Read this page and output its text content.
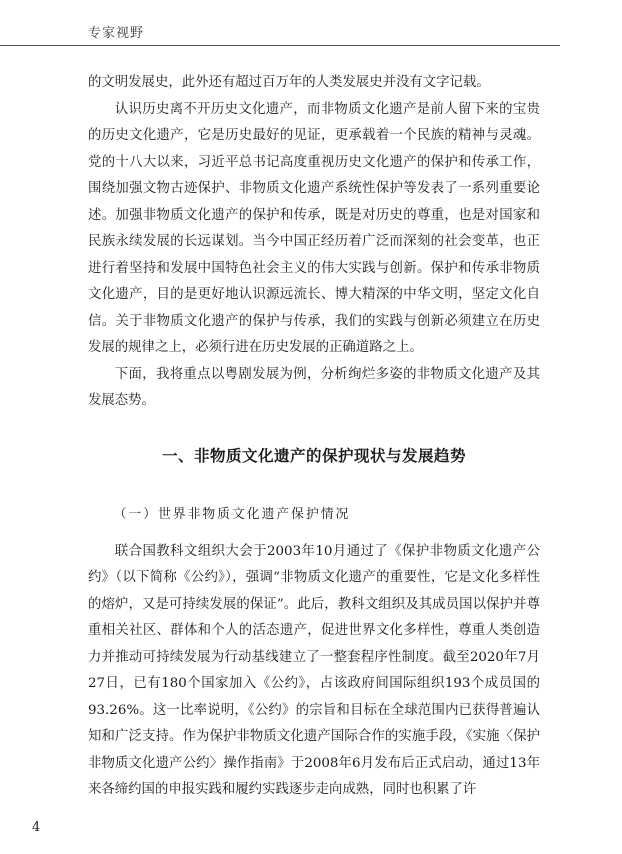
专家视野

的文明发展史，此外还有超过百万年的人类发展史并没有文字记载。

认识历史离不开历史文化遗产，而非物质文化遗产是前人留下来的宝贵的历史文化遗产，它是历史最好的见证，更承载着一个民族的精神与灵魂。党的十八大以来，习近平总书记高度重视历史文化遗产的保护和传承工作，围绕加强文物古迹保护、非物质文化遗产系统性保护等发表了一系列重要论述。加强非物质文化遗产的保护和传承，既是对历史的尊重，也是对国家和民族永续发展的长远谋划。当今中国正经历着广泛而深刻的社会变革，也正进行着坚持和发展中国特色社会主义的伟大实践与创新。保护和传承非物质文化遗产，目的是更好地认识源远流长、博大精深的中华文明，坚定文化自信。关于非物质文化遗产的保护与传承，我们的实践与创新必须建立在历史发展的规律之上，必须行进在历史发展的正确道路之上。

下面，我将重点以粤剧发展为例，分析绚烂多姿的非物质文化遗产及其发展态势。

一、非物质文化遗产的保护现状与发展趋势
（一）世界非物质文化遗产保护情况

联合国教科文组织大会于2003年10月通过了《保护非物质文化遗产公约》（以下简称《公约》），强调“非物质文化遗产的重要性，它是文化多样性的熔炉，又是可持续发展的保证”。此后，教科文组织及其成员国以保护并尊重相关社区、群体和个人的活态遗产，促进世界文化多样性，尊重人类创造力并推动可持续发展为行动基线建立了一整套程序性制度。截至2020年7月27日，已有180个国家加入《公约》，占该政府间国际组织193个成员国的93.26%。这一比率说明，《公约》的宗旨和目标在全球范围内已获得普遍认知和广泛支持。作为保护非物质文化遗产国际合作的实施手段，《实施〈保护非物质文化遗产公约〉操作指南》于2008年6月发布后正式启动，通过13年来各缔约国的申报实践和履约实践逐步走向成熟，同时也积累了许

4
